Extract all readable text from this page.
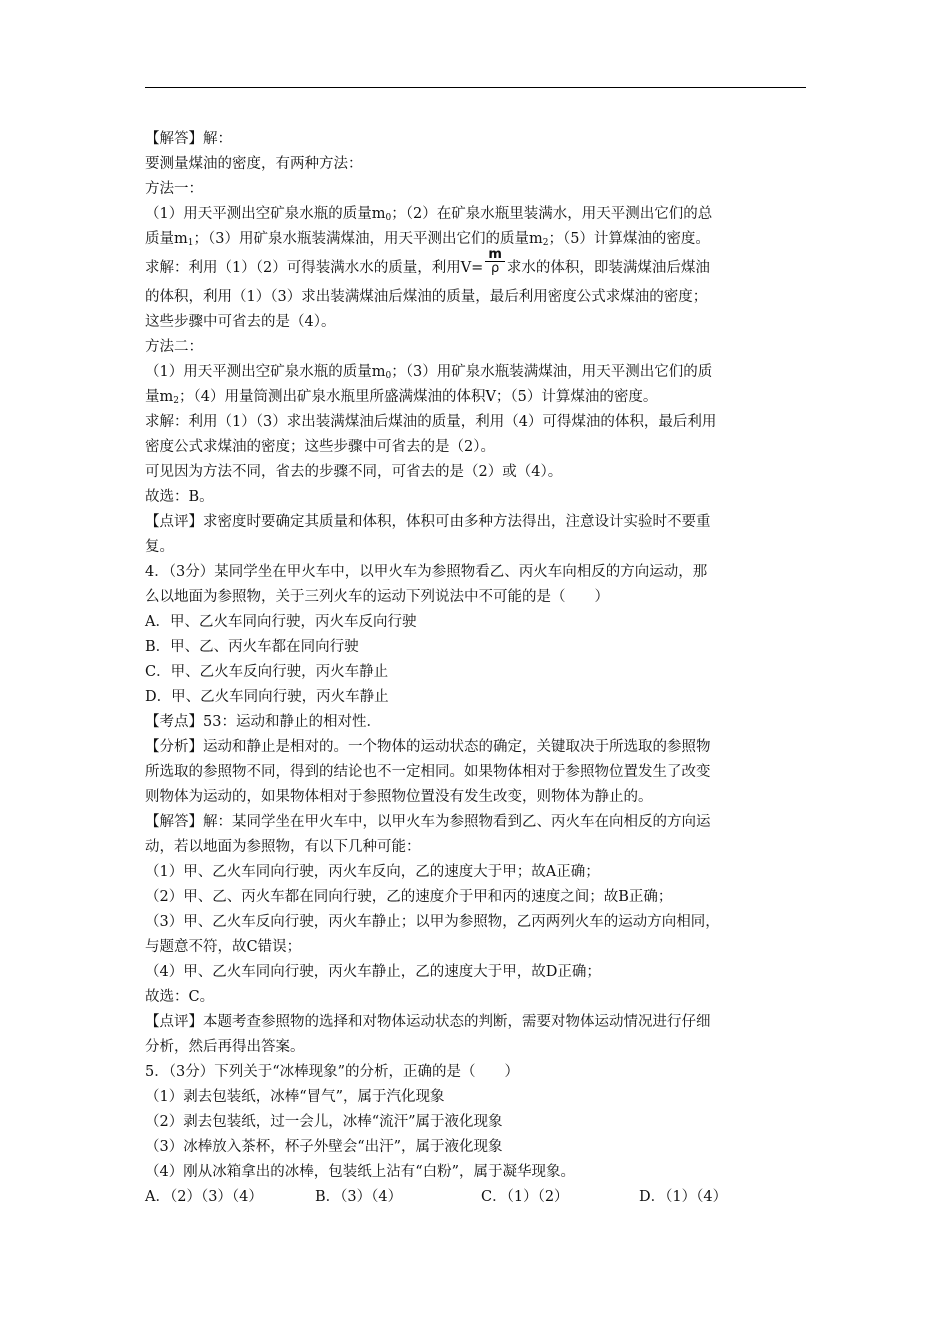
【解答】解：
要测量煤油的密度，有两种方法：
方法一：
（1）用天平测出空矿泉水瓶的质量$m_0$；（2）在矿泉水瓶里装满水，用天平测出它们的总
质量$m_1$；（3）用矿泉水瓶装满煤油，用天平测出它们的质量$m_2$；（5）计算煤油的密度。
求解：利用（1）（2）可得装满水水的质量，利用$V= \frac{m}{\rho}$ 求水的体积，即装满煤油后煤油
的体积，利用（1）（3）求出装满煤油后煤油的质量，最后利用密度公式求煤油的密度；
这些步骤中可省去的是（4）。
方法二：
（1）用天平测出空矿泉水瓶的质量$m_0$；（3）用矿泉水瓶装满煤油，用天平测出它们的质
量$m_2$；（4）用量筒测出矿泉水瓶里所盛满煤油的体积V；（5）计算煤油的密度。
求解：利用（1）（3）求出装满煤油后煤油的质量，利用（4）可得煤油的体积，最后利用
密度公式求煤油的密度；这些步骤中可省去的是（2）。
可见因为方法不同，省去的步骤不同，可省去的是（2）或（4）。
故选：B。
【点评】求密度时要确定其质量和体积，体积可由多种方法得出，注意设计实验时不要重
复。
4．（3分）某同学坐在甲火车中，以甲火车为参照物看乙、丙火车向相反的方向运动，那
么以地面为参照物，关于三列火车的运动下列说法中不可能的是（　　）
A．甲、乙火车同向行驶，丙火车反向行驶
B．甲、乙、丙火车都在同向行驶
C．甲、乙火车反向行驶，丙火车静止
D．甲、乙火车同向行驶，丙火车静止
【考点】53：运动和静止的相对性．
【分析】运动和静止是相对的。一个物体的运动状态的确定，关键取决于所选取的参照物
所选取的参照物不同，得到的结论也不一定相同。如果物体相对于参照物位置发生了改变
则物体为运动的，如果物体相对于参照物位置没有发生改变，则物体为静止的。
【解答】解：某同学坐在甲火车中，以甲火车为参照物看到乙、丙火车在向相反的方向运
动，若以地面为参照物，有以下几种可能：
（1）甲、乙火车同向行驶，丙火车反向，乙的速度大于甲；故A正确；
（2）甲、乙、丙火车都在同向行驶，乙的速度介于甲和丙的速度之间；故B正确；
（3）甲、乙火车反向行驶，丙火车静止；以甲为参照物，乙丙两列火车的运动方向相同，
与题意不符，故C错误；
（4）甲、乙火车同向行驶，丙火车静止，乙的速度大于甲，故D正确；
故选：C。
【点评】本题考查参照物的选择和对物体运动状态的判断，需要对物体运动情况进行仔细
分析，然后再得出答案。
5．（3分）下列关于“冰棒现象”的分析，正确的是（　　）
（1）剥去包装纸，冰棒“冒气”，属于汽化现象
（2）剥去包装纸，过一会儿，冰棒“流汗”属于液化现象
（3）冰棒放入茶杯，杯子外壁会“出汗”，属于液化现象
（4）刚从冰箱拿出的冰棒，包装纸上沾有“白粉”，属于凝华现象。
A．（2）（3）（4）	B．（3）（4）	C．（1）（2）	D．（1）（4）
